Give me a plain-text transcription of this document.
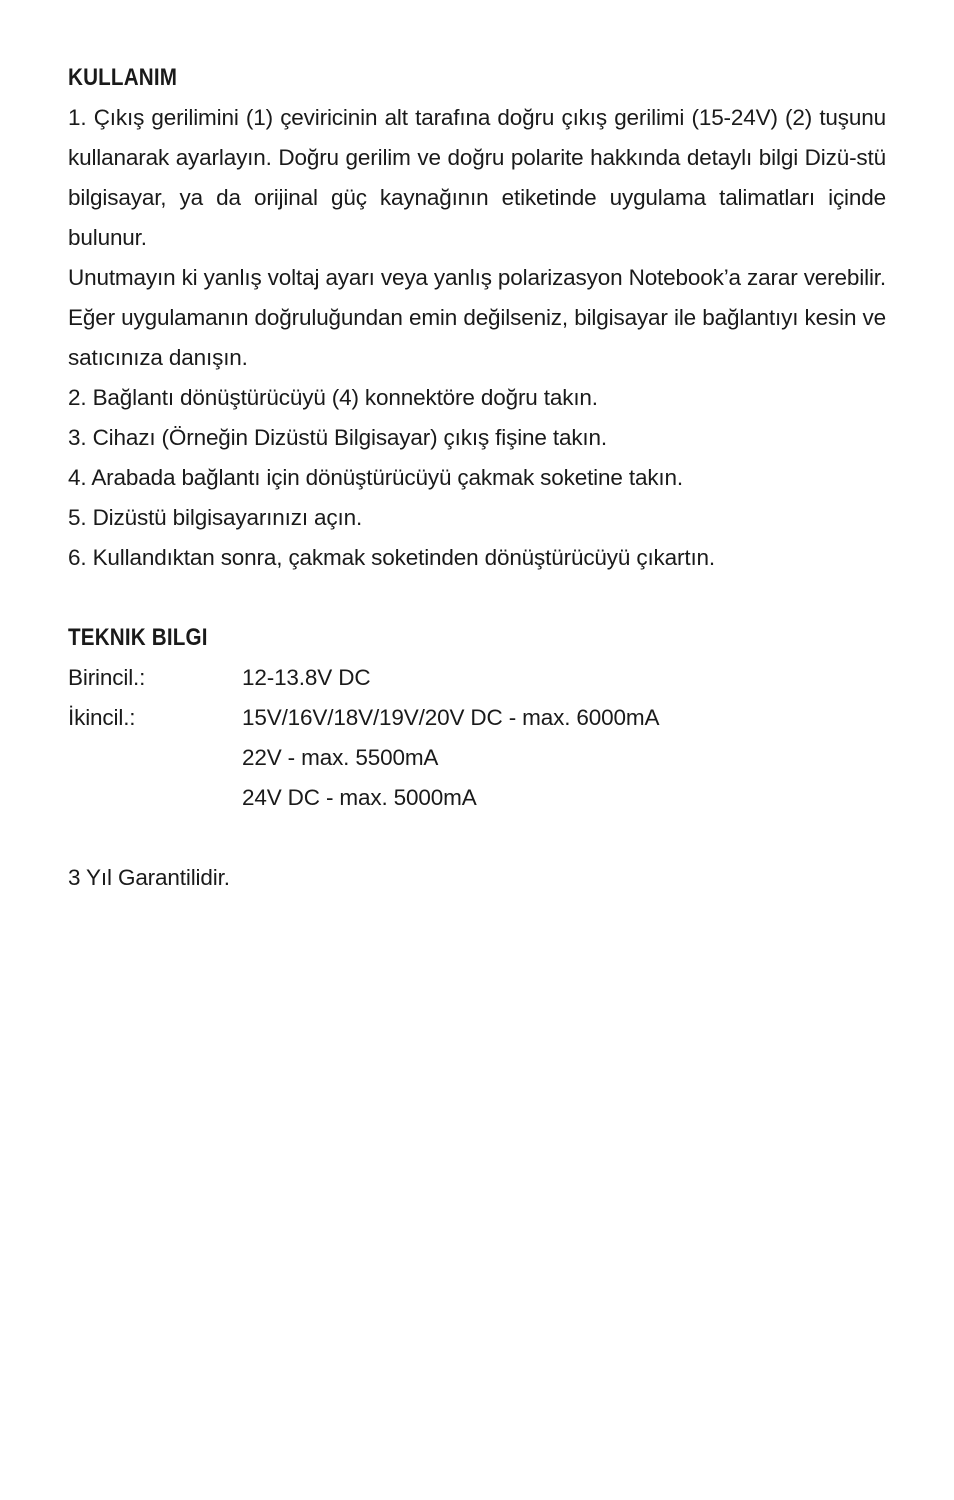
KULLANIM
1. Çıkış gerilimini (1) çeviricinin alt tarafına doğru çıkış gerilimi (15-24V) (2) tuşunu kullanarak ayarlayın. Doğru gerilim ve doğru polarite hakkında detaylı bilgi Dizü-stü bilgisayar, ya da orijinal güç kaynağının etiketinde uygulama talimatları içinde bulunur.
Unutmayın ki yanlış voltaj ayarı veya yanlış polarizasyon Notebook’a zarar verebilir. Eğer uygulamanın doğruluğundan emin değilseniz, bilgisayar ile bağlantıyı kesin ve satıcınıza danışın.
2. Bağlantı dönüştürücüyü (4) konnektöre doğru takın.
3. Cihazı (Örneğin Dizüstü Bilgisayar) çıkış fişine takın.
4. Arabada bağlantı için dönüştürücüyü çakmak soketine takın.
5. Dizüstü bilgisayarınızı açın.
6. Kullandıktan sonra, çakmak soketinden dönüştürücüyü çıkartın.
TEKNIK BILGI
Birincil.:	12-13.8V DC
İkincil.:	15V/16V/18V/19V/20V DC - max. 6000mA
22V - max. 5500mA
24V DC - max. 5000mA
3 Yıl Garantilidir.
